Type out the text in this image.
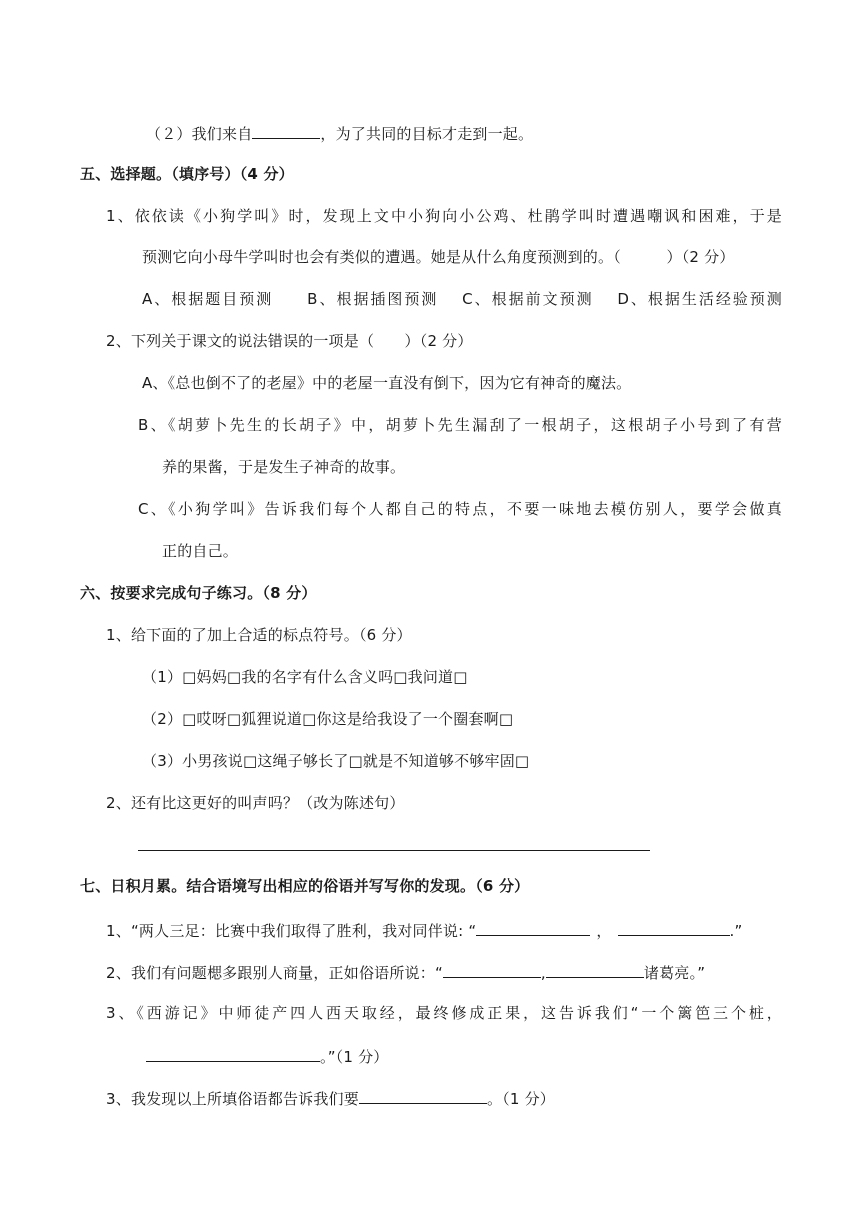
（２）我们来自	，为了共同的目标才走到一起。
五、选择题。（填序号）（4 分）
1、依依读《小狗学叫》时，发现上文中小狗向小公鸡、杜鹃学叫时遭遇嘲讽和困难，于是
预测它向小母牛学叫时也会有类似的遭遇。她是从什么角度预测到的。（　　　）（2 分）
A、根据题目预测　　B、根据插图预测　 C、根据前文预测　 D、根据生活经验预测
2、下列关于课文的说法错误的一项是（　　）（2 分）
A、《总也倒不了的老屋》中的老屋一直没有倒下，因为它有神奇的魔法。
B、《胡萝卜先生的长胡子》中，胡萝卜先生漏刮了一根胡子，这根胡子小号到了有营
养的果酱，于是发生子神奇的故事。
C、《小狗学叫》告诉我们每个人都自己的特点，不要一味地去模仿别人，要学会做真
正的自己。
六、按要求完成句子练习。（8 分）
1、给下面的了加上合适的标点符号。（6 分）
（1）□妈妈□我的名字有什么含义吗□我问道□
（2）□哎呀□狐狸说道□你这是给我设了一个圈套啊□
（3）小男孩说□这绳子够长了□就是不知道够不够牢固□
2、还有比这更好的叫声吗？（改为陈述句）
七、日积月累。结合语境写出相应的俗语并写写你的发现。（6 分）
1、“两人三足：比赛中我们取得了胜利，我对同伴说: “	，	.”
2、我们有问题楒多跟别人商量，正如俗语所说：“	,	诸葛亮。”
3、《西游记》中师徒产四人西天取经，最终修成正果，这告诉我们“一个篱笆三个桩，
。”（1 分）
3、我发现以上所填俗语都告诉我们要	。（1 分）
